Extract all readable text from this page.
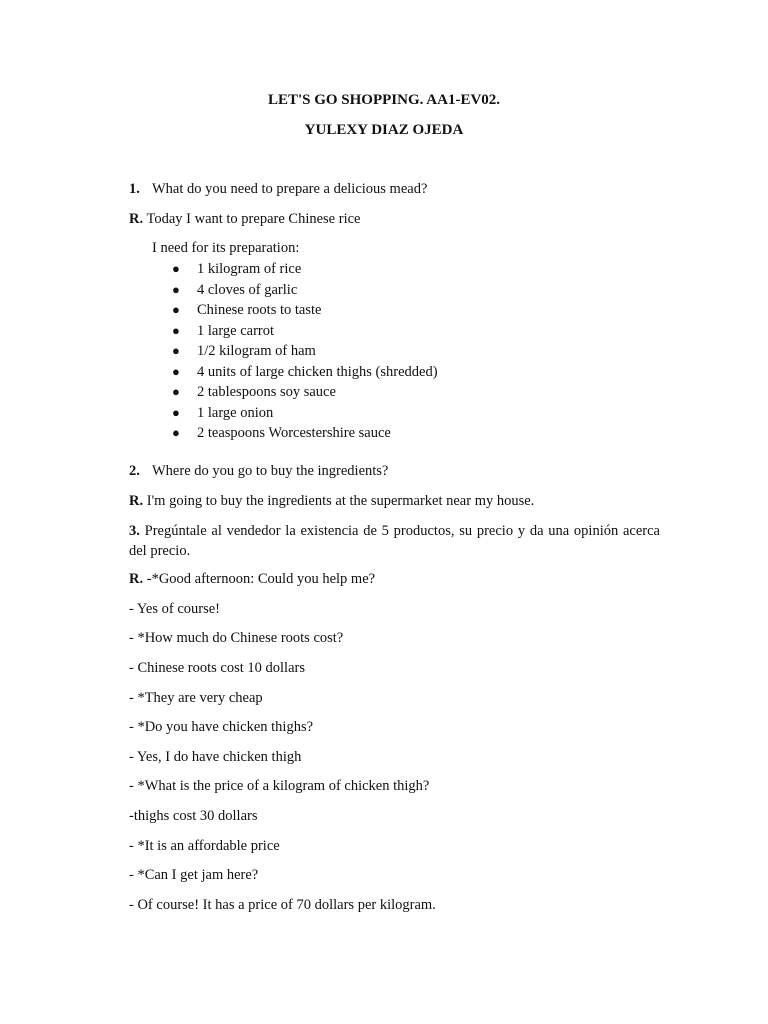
LET'S GO SHOPPING. AA1-EV02.
YULEXY DIAZ OJEDA
1. What do you need to prepare a delicious mead?
R. Today I want to prepare Chinese rice
I need for its preparation:
● 1 kilogram of rice
● 4 cloves of garlic
● Chinese roots to taste
● 1 large carrot
● 1/2 kilogram of ham
● 4 units of large chicken thighs (shredded)
● 2 tablespoons soy sauce
● 1 large onion
● 2 teaspoons Worcestershire sauce
2. Where do you go to buy the ingredients?
R. I'm going to buy the ingredients at the supermarket near my house.
3. Pregúntale al vendedor la existencia de 5 productos, su precio y da una opinión acerca del precio.
R. -*Good afternoon: Could you help me?
- Yes of course!
- *How much do Chinese roots cost?
- Chinese roots cost 10 dollars
- *They are very cheap
- *Do you have chicken thighs?
- Yes, I do have chicken thigh
- *What is the price of a kilogram of chicken thigh?
-thighs cost 30 dollars
- *It is an affordable price
- *Can I get jam here?
- Of course! It has a price of 70 dollars per kilogram.
